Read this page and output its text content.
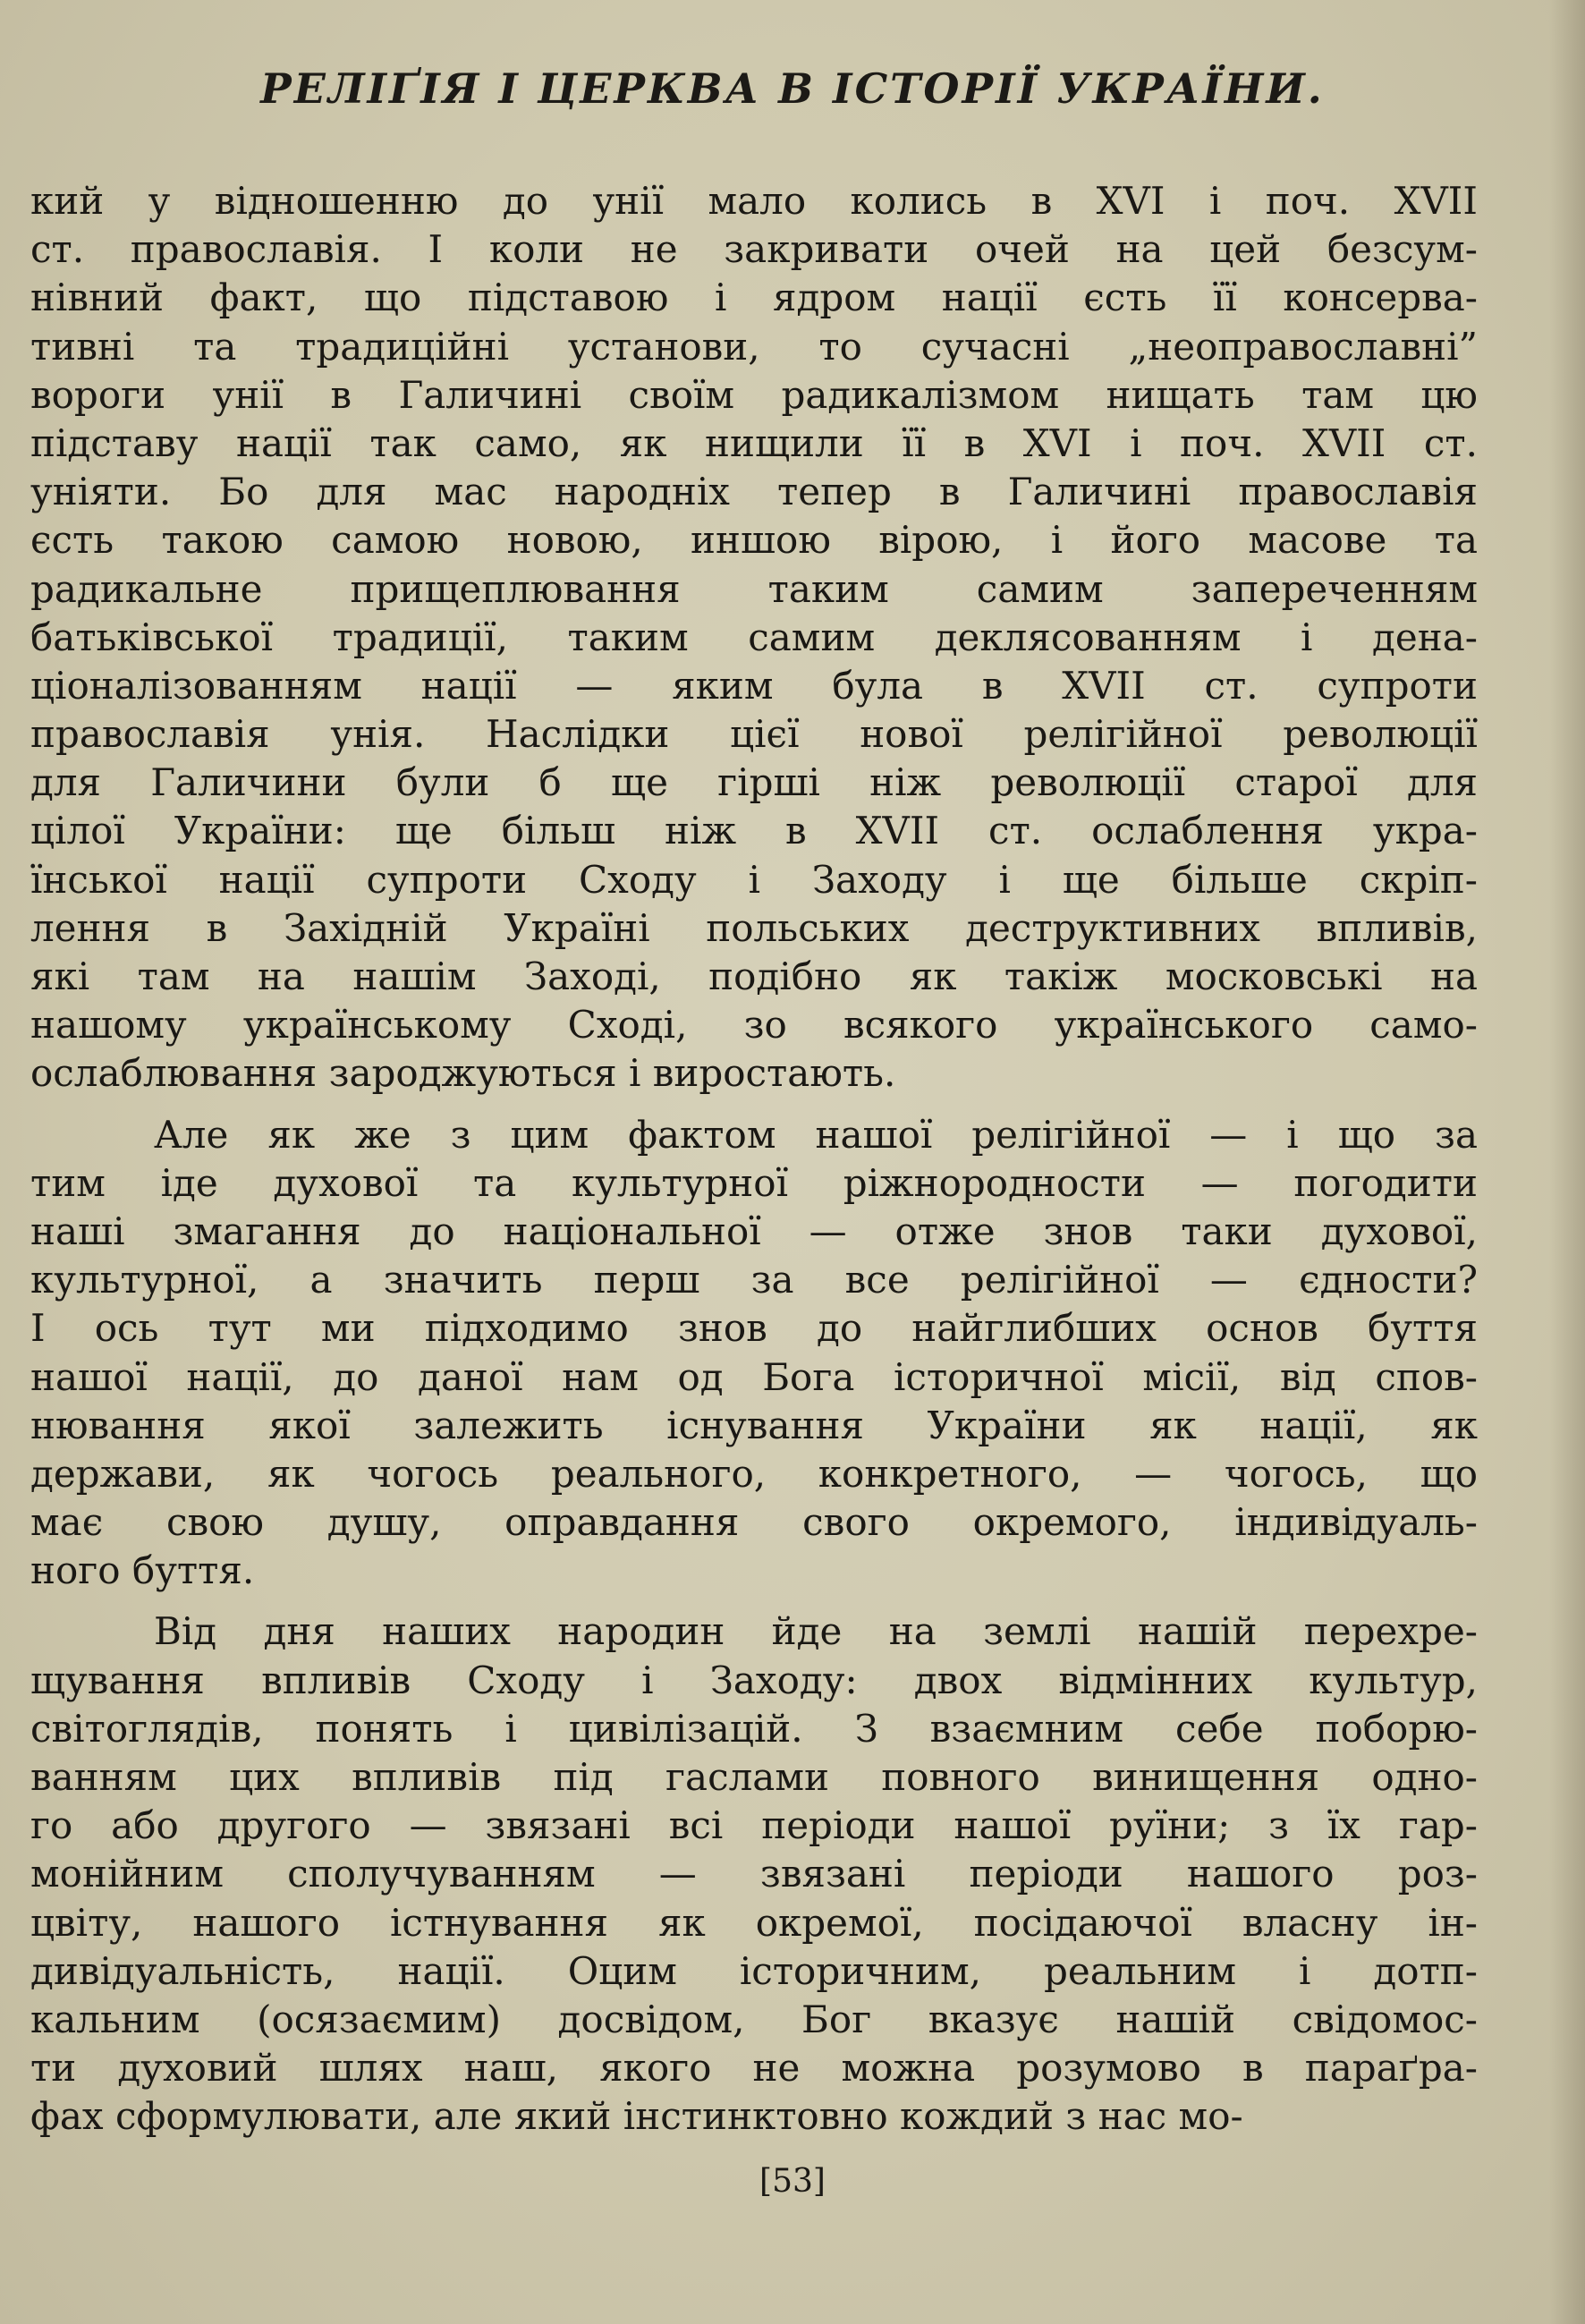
РЕЛІҐІЯ І ЦЕРКВА В ІСТОРІЇ УКРАЇНИ.
кий у відношенню до унії мало колись в XVI і поч. XVII
ст. православія. І коли не закривати очей на цей безсум-
нівний факт, що підставою і ядром нації єсть її консерва-
тивні та традиційні установи, то сучасні „неоправославні”
вороги унії в Галичині своїм радикалізмом нищать там цю
підставу нації так само, як нищили її в XVI і поч. XVII ст.
уніяти. Бо для мас народніх тепер в Галичині православія
єсть такою самою новою, иншою вірою, і його масове та
радикальне прищеплювання таким самим запереченням
батьківської традиції, таким самим деклясованням і дена-
ціоналізованням нації — яким була в XVII ст. супроти
православія унія. Наслідки цієї нової релігійної революції
для Галичини були б ще гірші ніж революції старої для
цілої України: ще більш ніж в XVII ст. ослаблення укра-
їнської нації супроти Сходу і Заходу і ще більше скріп-
лення в Західній Україні польських деструктивних впливів,
які там на нашім Заході, подібно як такіж московські на
нашому українському Сході, зо всякого українського само-
ослаблювання зароджуються і виростають.
Але як же з цим фактом нашої релігійної — і що за
тим іде духової та культурної ріжнородности — погодити
наші змагання до національної — отже знов таки духової,
культурної, а значить перш за все релігійної — єдности?
І ось тут ми підходимо знов до найглибших основ буття
нашої нації, до даної нам од Бога історичної місії, від спов-
нювання якої залежить існування України як нації, як
держави, як чогось реального, конкретного, — чогось, що
має свою душу, оправдання свого окремого, індивідуаль-
ного буття.
Від дня наших народин йде на землі нашій перехре-
щування впливів Сходу і Заходу: двох відмінних культур,
світоглядів, понять і цивілізацій. З взаємним себе поборю-
ванням цих впливів під гаслами повного винищення одно-
го або другого — звязані всі періоди нашої руїни; з їх гар-
монійним сполучуванням — звязані періоди нашого роз-
цвіту, нашого істнування як окремої, посідаючої власну ін-
дивідуальність, нації. Оцим історичним, реальним і дотп-
кальним (осязаємим) досвідом, Бог вказує нашій свідомос-
ти духовий шлях наш, якого не можна розумово в параґра-
фах сформулювати, але який інстинктовно кождий з нас мо-
[53]
